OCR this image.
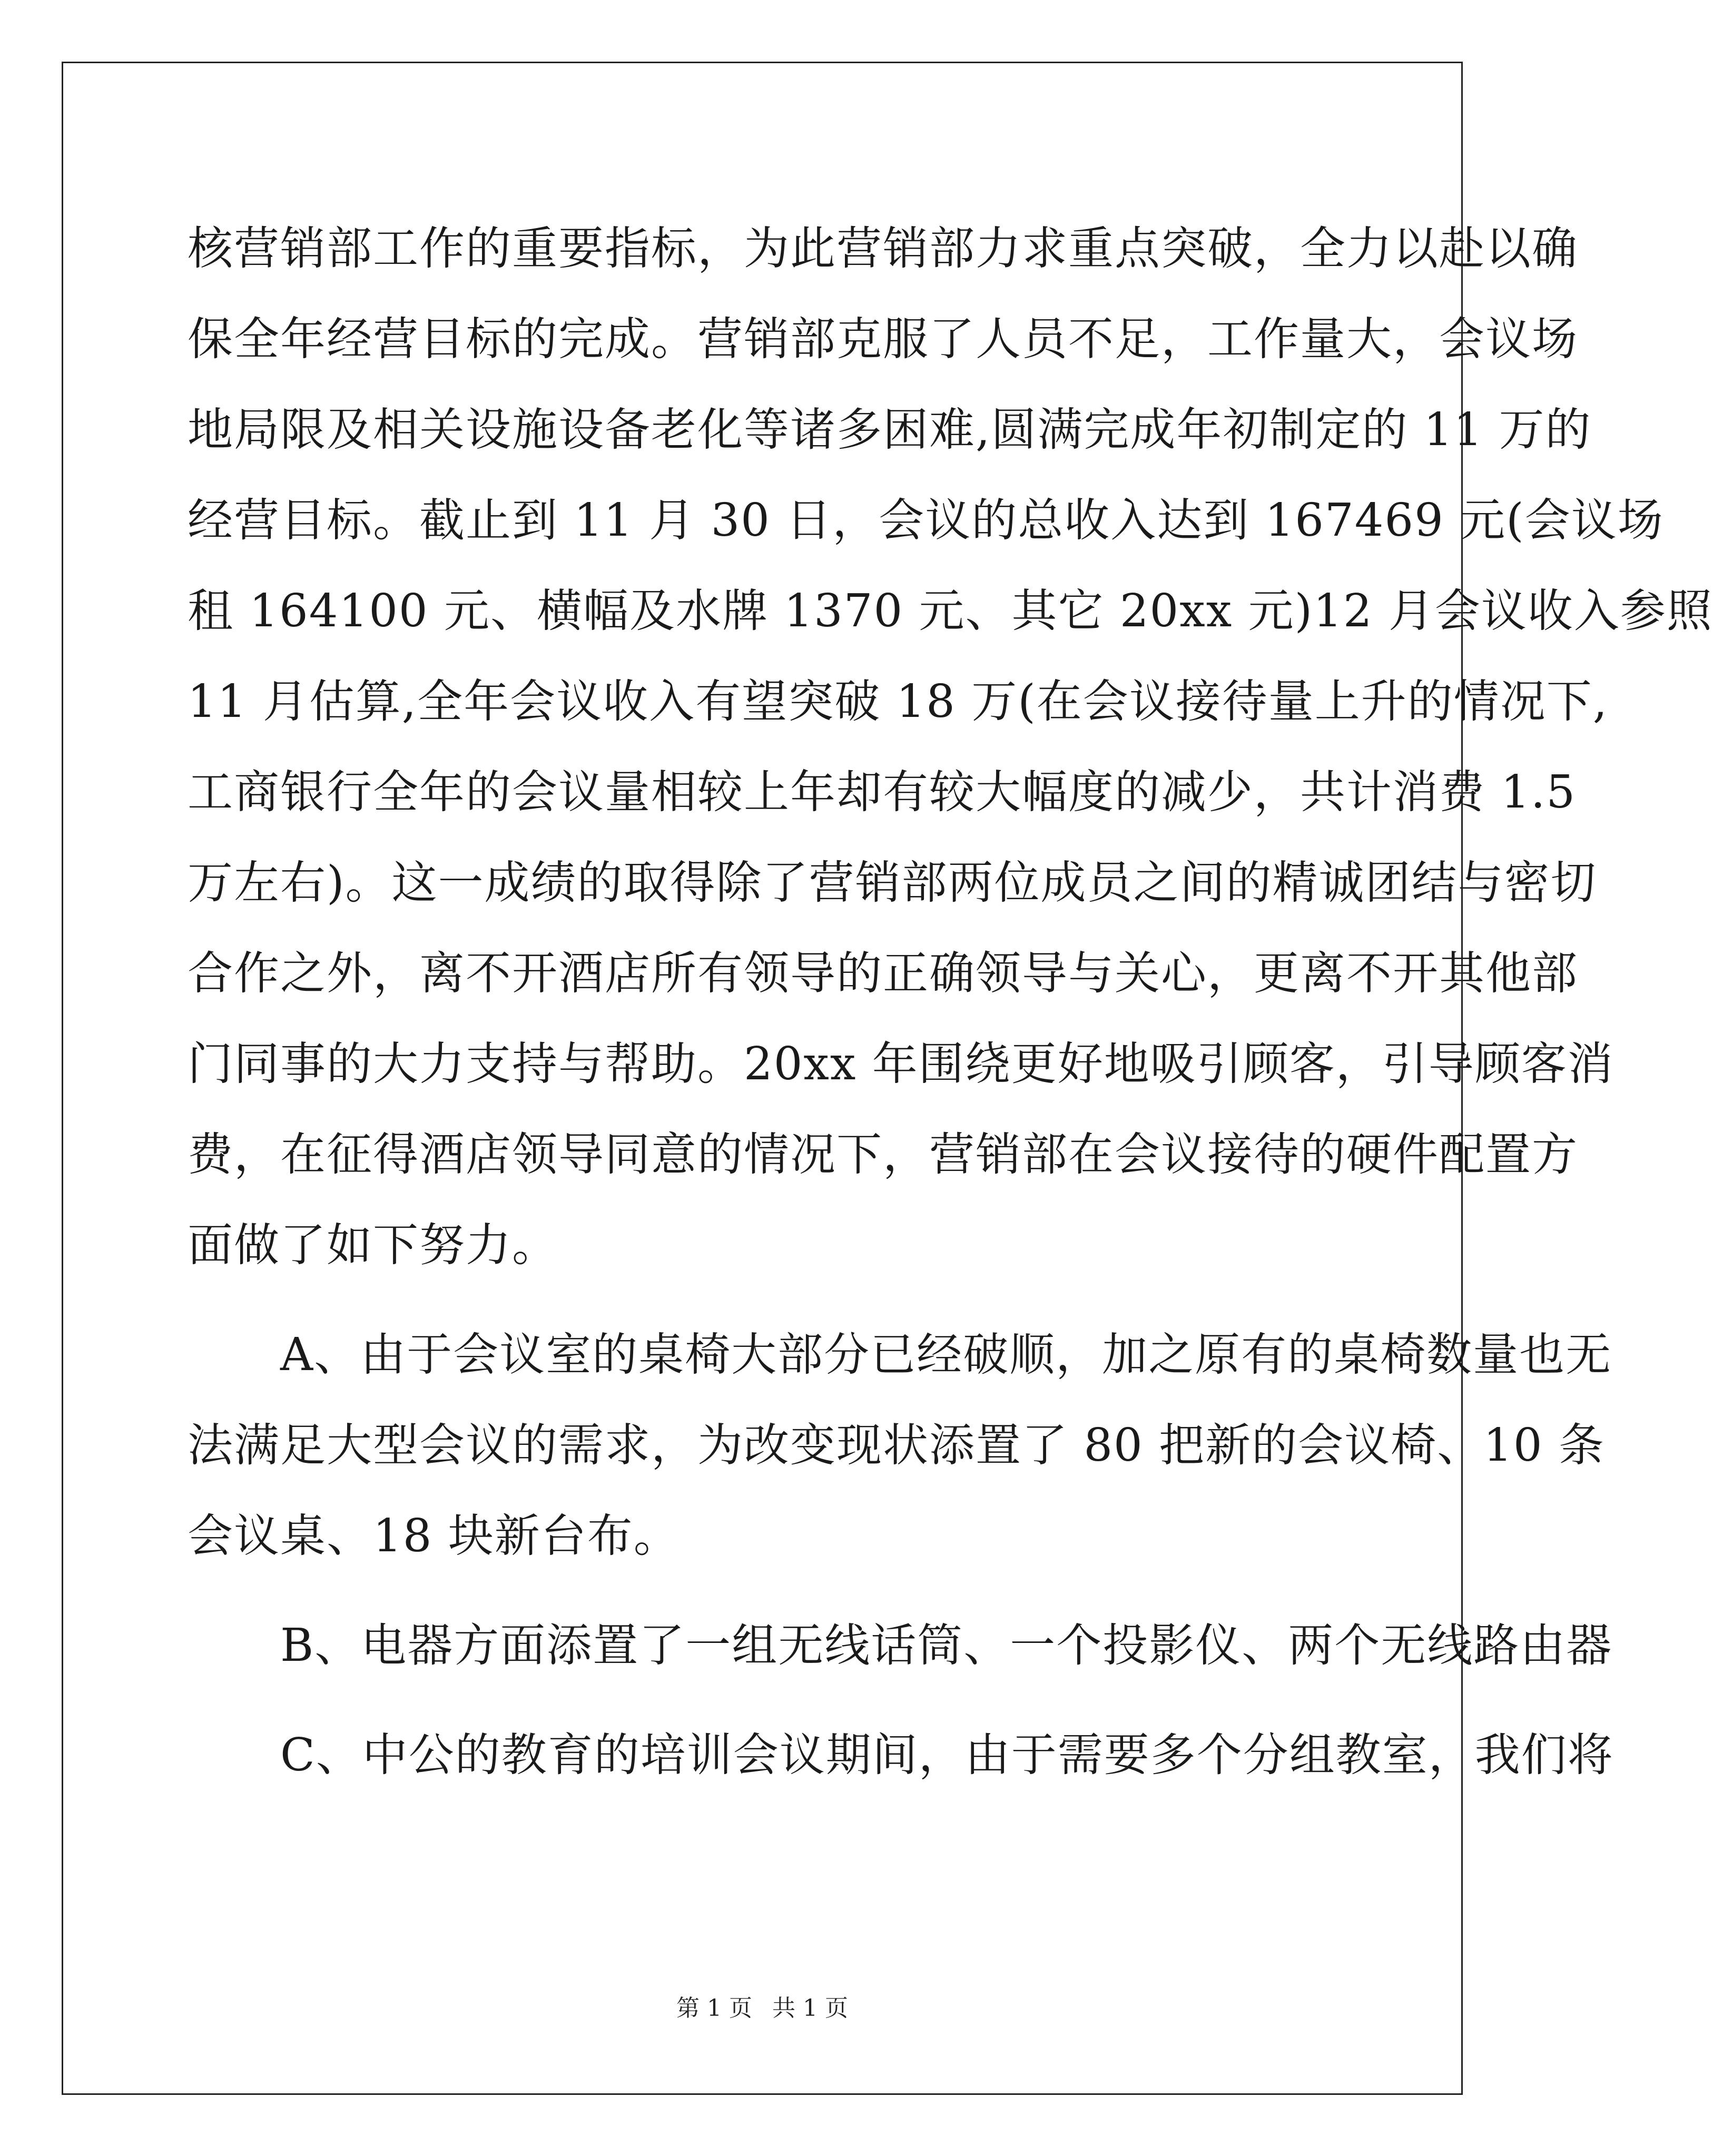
核营销部工作的重要指标，为此营销部力求重点突破，全力以赴以确
保全年经营目标的完成。营销部克服了人员不足，工作量大，会议场
地局限及相关设施设备老化等诸多困难,圆满完成年初制定的 11 万的
经营目标。截止到 11 月 30 日，会议的总收入达到 167469 元(会议场
租 164100 元、横幅及水牌 1370 元、其它 20xx 元)12 月会议收入参照
11 月估算,全年会议收入有望突破 18 万(在会议接待量上升的情况下,
工商银行全年的会议量相较上年却有较大幅度的减少，共计消费 1.5
万左右)。这一成绩的取得除了营销部两位成员之间的精诚团结与密切
合作之外，离不开酒店所有领导的正确领导与关心，更离不开其他部
门同事的大力支持与帮助。20xx 年围绕更好地吸引顾客，引导顾客消
费，在征得酒店领导同意的情况下，营销部在会议接待的硬件配置方
面做了如下努力。
A、由于会议室的桌椅大部分已经破顺，加之原有的桌椅数量也无
法满足大型会议的需求，为改变现状添置了 80 把新的会议椅、10 条
会议桌、18 块新台布。
B、电器方面添置了一组无线话筒、一个投影仪、两个无线路由器
C、中公的教育的培训会议期间，由于需要多个分组教室，我们将
第 1 页 共 1 页
